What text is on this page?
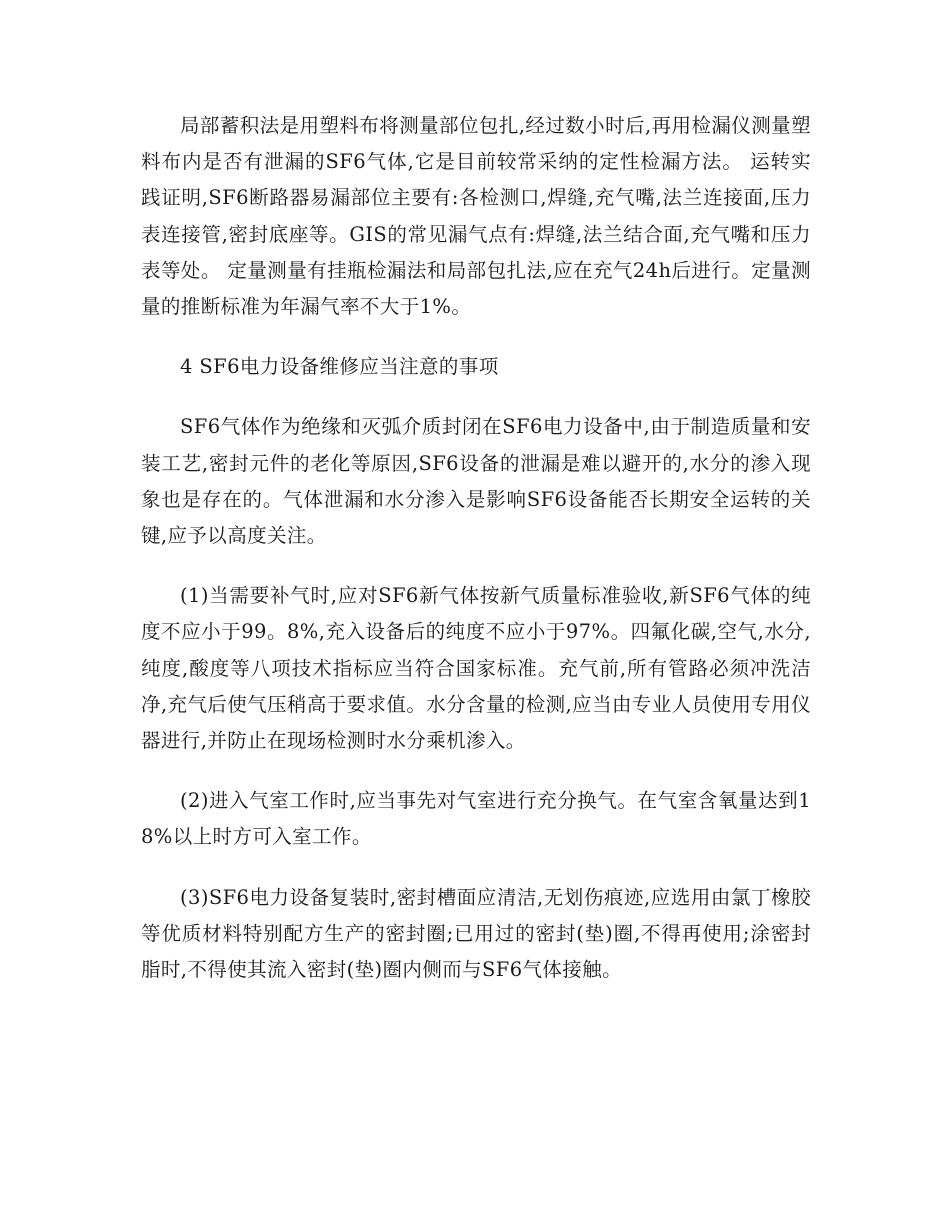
局部蓄积法是用塑料布将测量部位包扎,经过数小时后,再用检漏仪测量塑料布内是否有泄漏的SF6气体,它是目前较常采纳的定性检漏方法。 运转实践证明,SF6断路器易漏部位主要有:各检测口,焊缝,充气嘴,法兰连接面,压力表连接管,密封底座等。GIS的常见漏气点有:焊缝,法兰结合面,充气嘴和压力表等处。 定量测量有挂瓶检漏法和局部包扎法,应在充气24h后进行。定量测量的推断标准为年漏气率不大于1%。

4 SF6电力设备维修应当注意的事项

SF6气体作为绝缘和灭弧介质封闭在SF6电力设备中,由于制造质量和安装工艺,密封元件的老化等原因,SF6设备的泄漏是难以避开的,水分的渗入现象也是存在的。气体泄漏和水分渗入是影响SF6设备能否长期安全运转的关键,应予以高度关注。

(1)当需要补气时,应对SF6新气体按新气质量标准验收,新SF6气体的纯度不应小于99。8%,充入设备后的纯度不应小于97%。四氟化碳,空气,水分,纯度,酸度等八项技术指标应当符合国家标准。充气前,所有管路必须冲洗洁净,充气后使气压稍高于要求值。水分含量的检测,应当由专业人员使用专用仪器进行,并防止在现场检测时水分乘机渗入。

(2)进入气室工作时,应当事先对气室进行充分换气。在气室含氧量达到18%以上时方可入室工作。

(3)SF6电力设备复装时,密封槽面应清洁,无划伤痕迹,应选用由氯丁橡胶等优质材料特别配方生产的密封圈;已用过的密封(垫)圈,不得再使用;涂密封脂时,不得使其流入密封(垫)圈内侧而与SF6气体接触。
